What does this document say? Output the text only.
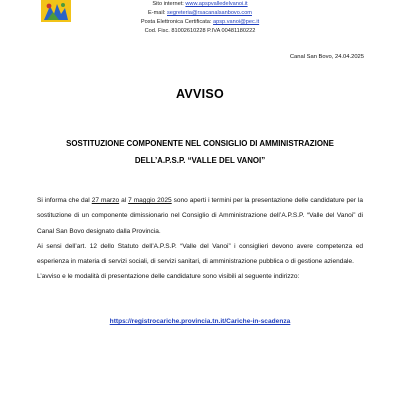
Sito internet: www.apspvalledelvanoi.it
E-mail: segreteria@rsacanalsanbovo.com
Posta Elettronica Certificata: apsp.vanoi@pec.it
Cod. Fisc. 81002610228 P.IVA 00481180222
Canal San Bovo, 24.04.2025
AVVISO
SOSTITUZIONE COMPONENTE NEL CONSIGLIO DI AMMINISTRAZIONE
DELL’A.P.S.P. “VALLE DEL VANOI”

Si informa che dal 27 marzo al 7 maggio 2025 sono aperti i termini per la presentazione delle candidature per la sostituzione di un componente dimissionario nel Consiglio di Amministrazione dell’A.P.S.P. “Valle del Vanoi” di Canal San Bovo designato dalla Provincia.

Ai sensi dell’art. 12 dello Statuto dell’A.P.S.P. “Valle del Vanoi” i consiglieri devono avere competenza ed esperienza in materia di servizi sociali, di servizi sanitari, di amministrazione pubblica o di gestione aziendale.

L’avviso e le modalità di presentazione delle candidature sono visibili al seguente indirizzo:

https://registrocariche.provincia.tn.it/Cariche-in-scadenza
